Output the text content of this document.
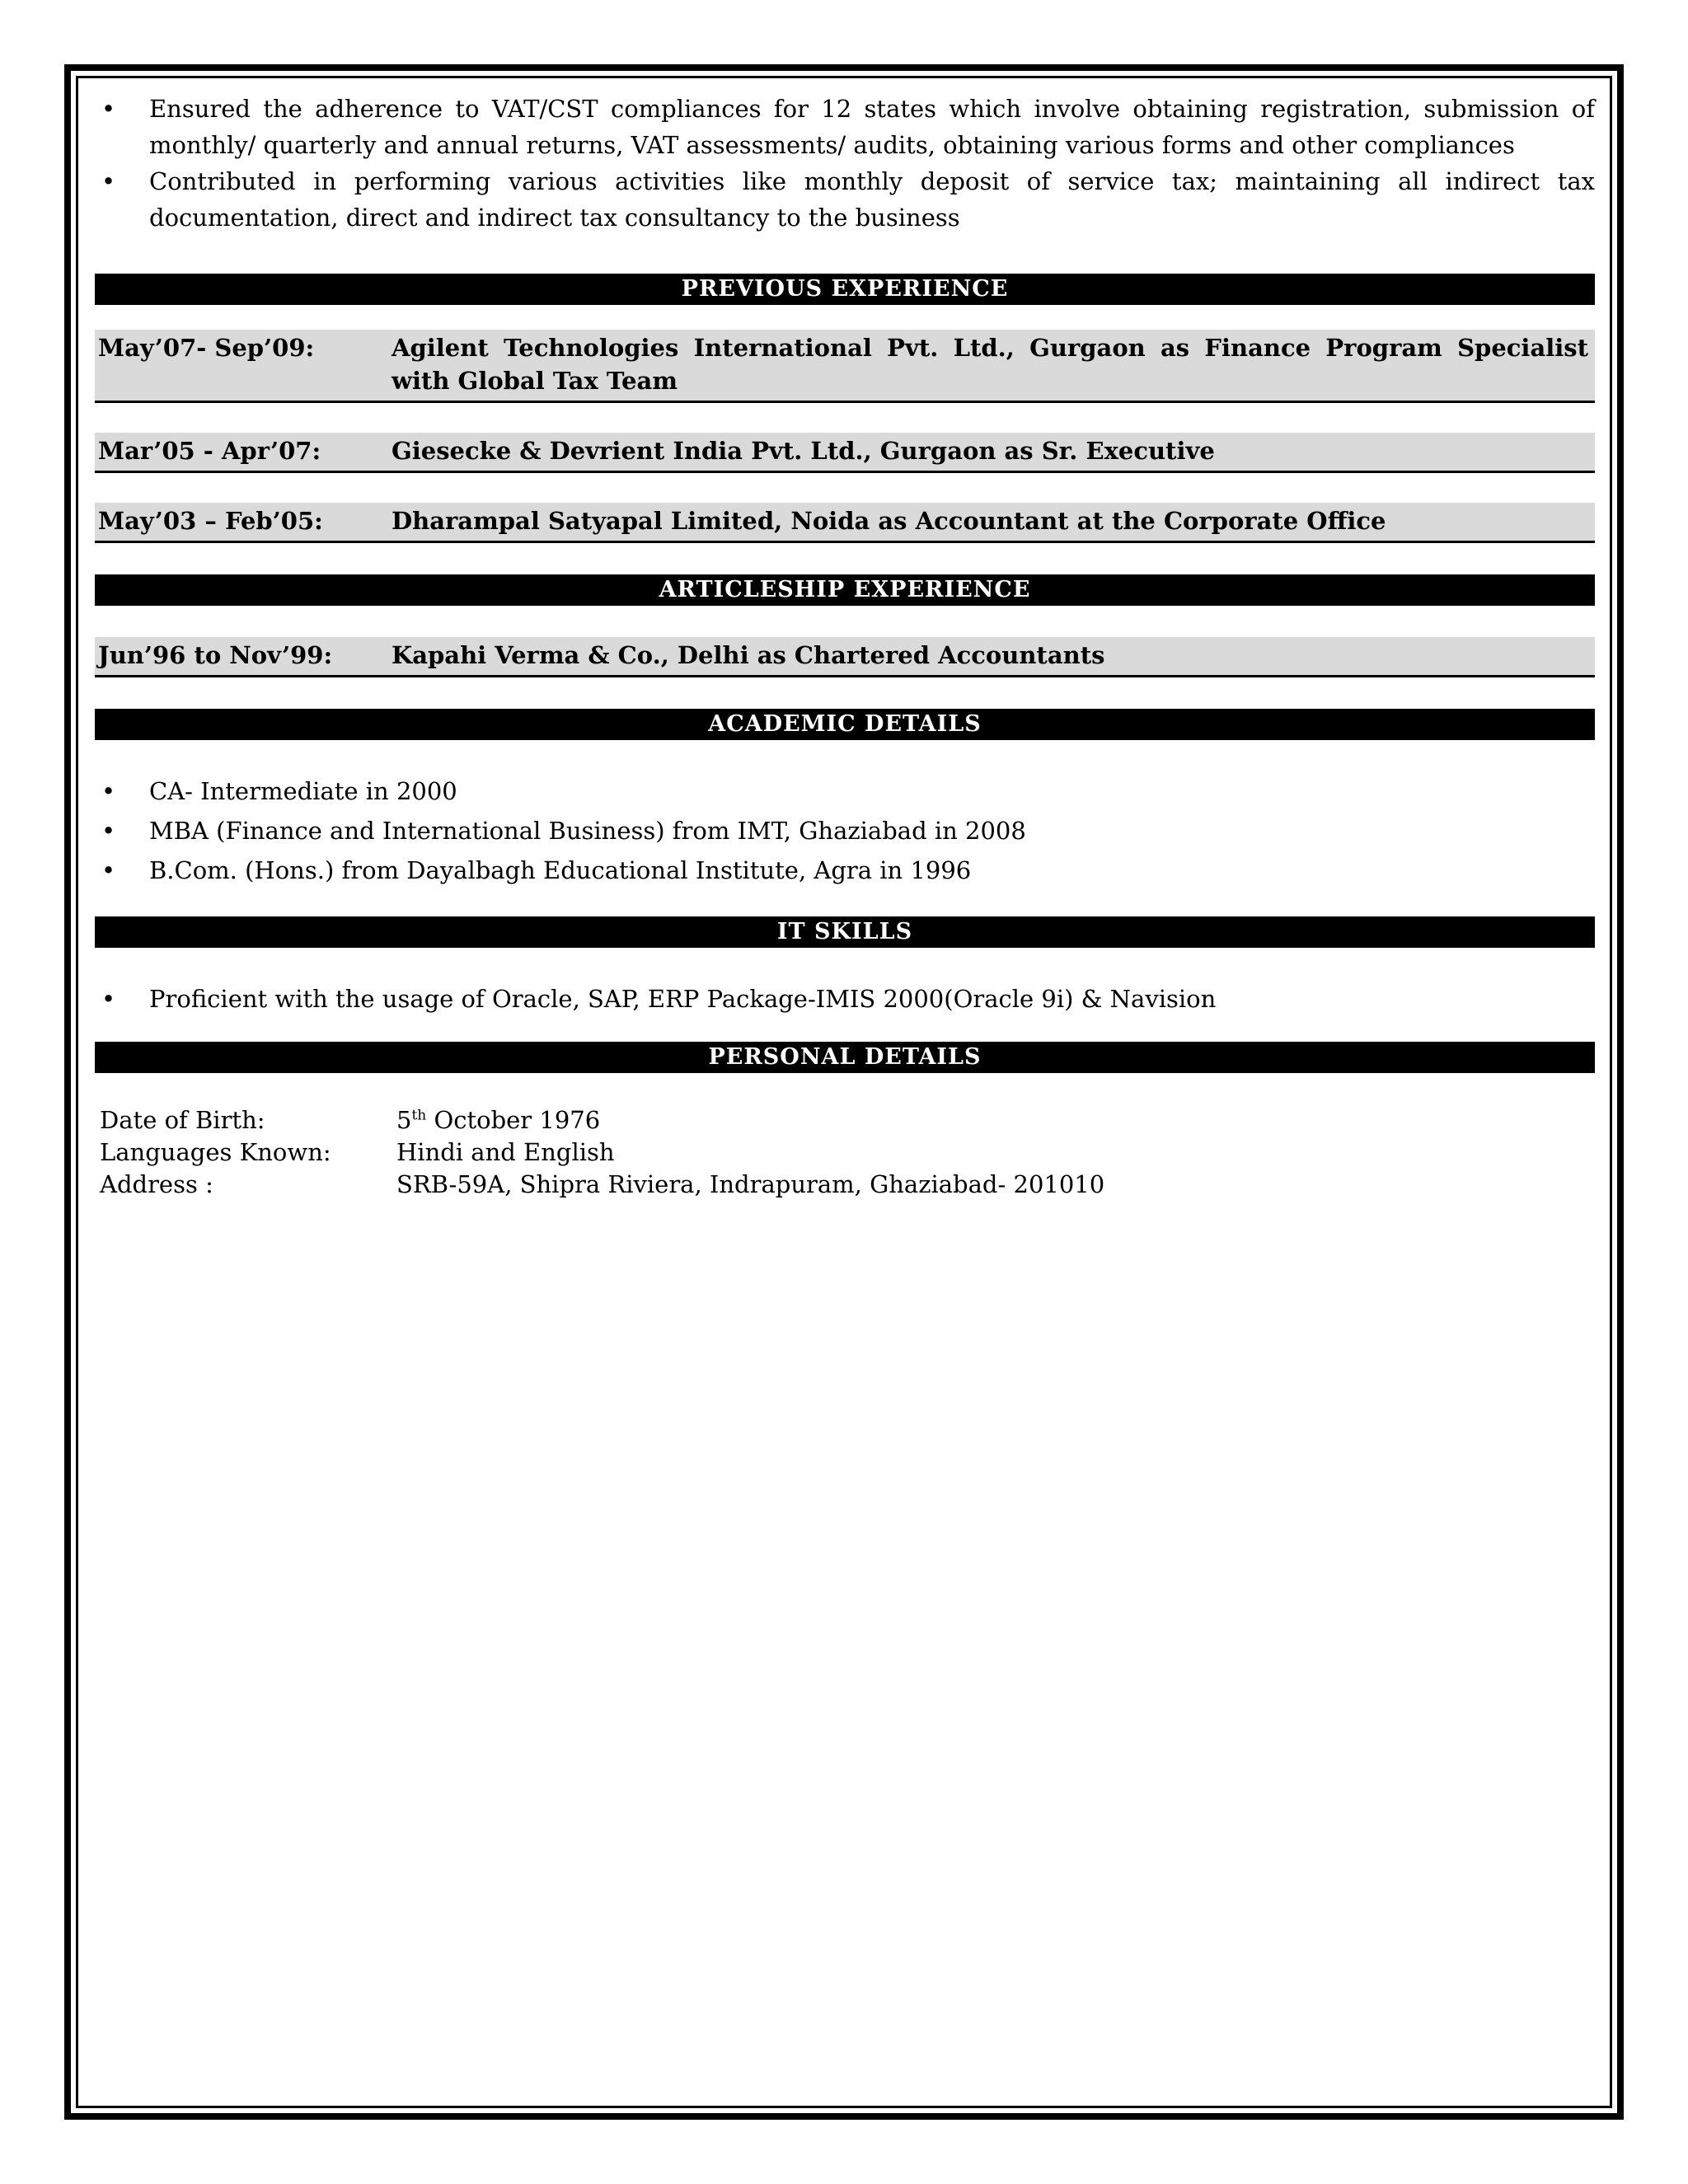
• Ensured the adherence to VAT/CST compliances for 12 states which involve obtaining registration, submission of monthly/ quarterly and annual returns, VAT assessments/ audits, obtaining various forms and other compliances
• Contributed in performing various activities like monthly deposit of service tax; maintaining all indirect tax documentation, direct and indirect tax consultancy to the business
PREVIOUS EXPERIENCE
May’07- Sep’09:	Agilent Technologies International Pvt. Ltd., Gurgaon as Finance Program Specialist with Global Tax Team
Mar’05 - Apr’07:	Giesecke & Devrient India Pvt. Ltd., Gurgaon as Sr. Executive
May’03 – Feb’05:	Dharampal Satyapal Limited, Noida as Accountant at the Corporate Office
ARTICLESHIP EXPERIENCE
Jun’96 to Nov’99:	Kapahi Verma & Co., Delhi as Chartered Accountants
ACADEMIC DETAILS
• CA- Intermediate in 2000
• MBA (Finance and International Business) from IMT, Ghaziabad in 2008
• B.Com. (Hons.) from Dayalbagh Educational Institute, Agra in 1996
IT SKILLS
• Proficient with the usage of Oracle, SAP, ERP Package-IMIS 2000(Oracle 9i) & Navision
PERSONAL DETAILS
Date of Birth:	5th October 1976
Languages Known:	Hindi and English
Address :	SRB-59A, Shipra Riviera, Indrapuram, Ghaziabad- 201010
